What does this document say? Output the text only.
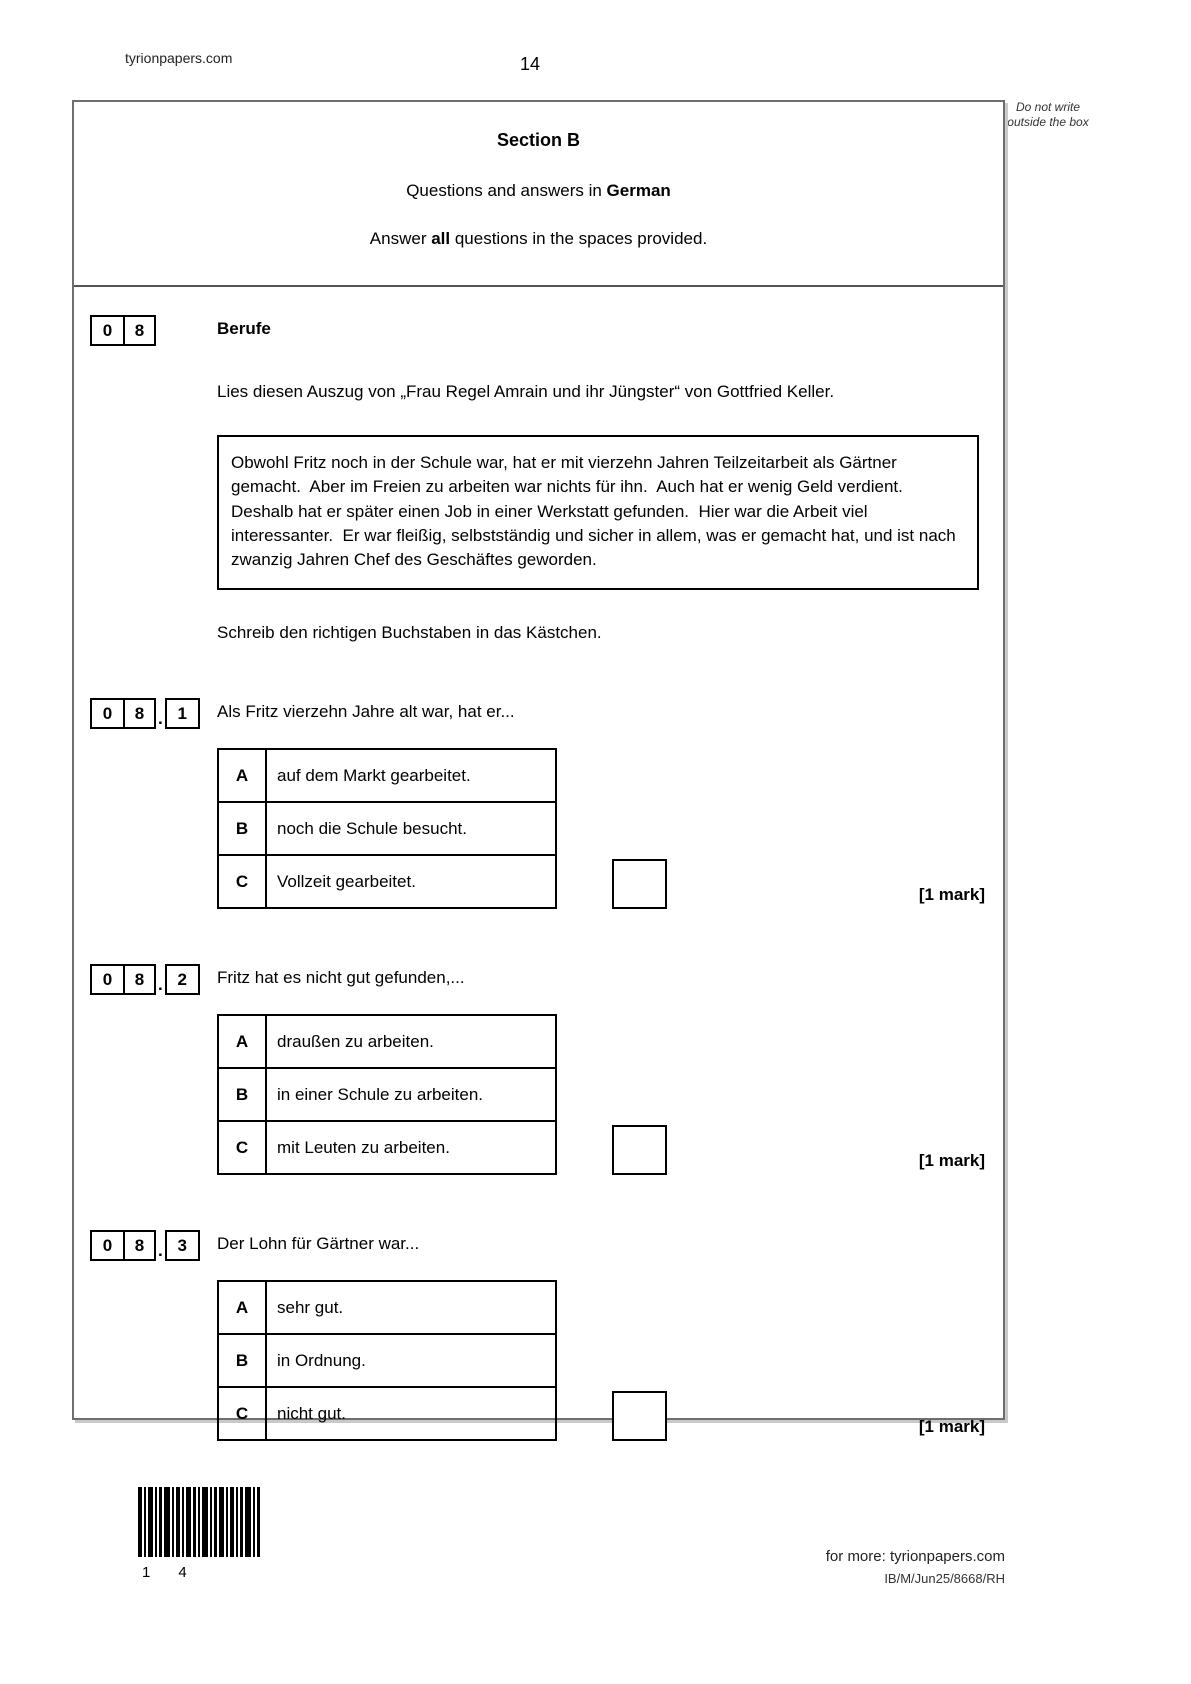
tyrionpapers.com	14
Do not write outside the box
Section B
Questions and answers in German
Answer all questions in the spaces provided.
0	8	Berufe
Lies diesen Auszug von „Frau Regel Amrain und ihr Jüngster“ von Gottfried Keller.
Obwohl Fritz noch in der Schule war, hat er mit vierzehn Jahren Teilzeitarbeit als Gärtner gemacht.  Aber im Freien zu arbeiten war nichts für ihn.  Auch hat er wenig Geld verdient.  Deshalb hat er später einen Job in einer Werkstatt gefunden.  Hier war die Arbeit viel interessanter.  Er war fleißig, selbstständig und sicher in allem, was er gemacht hat, und ist nach zwanzig Jahren Chef des Geschäftes geworden.
Schreib den richtigen Buchstaben in das Kästchen.
0	8 . 1	Als Fritz vierzehn Jahre alt war, hat er...
A	auf dem Markt gearbeitet.
B	noch die Schule besucht.
C	Vollzeit gearbeitet.
[1 mark]
0	8 . 2	Fritz hat es nicht gut gefunden,...
A	draußen zu arbeiten.
B	in einer Schule zu arbeiten.
C	mit Leuten zu arbeiten.
[1 mark]
0	8 . 3	Der Lohn für Gärtner war...
A	sehr gut.
B	in Ordnung.
C	nicht gut.
[1 mark]
14
for more: tyrionpapers.com
IB/M/Jun25/8668/RH
